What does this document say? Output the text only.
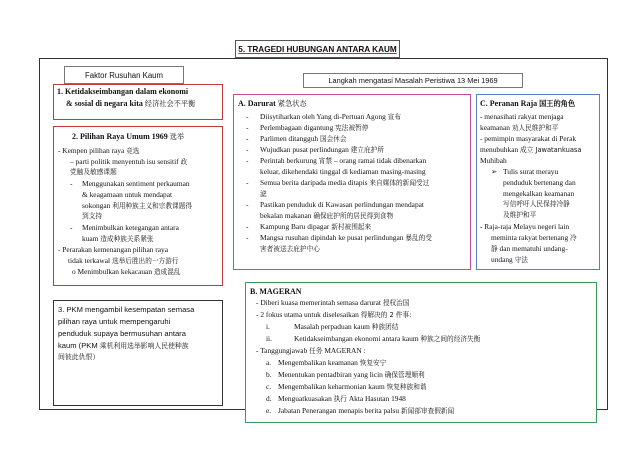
5. TRAGEDI HUBUNGAN ANTARA KAUM
Faktor Rusuhan Kaum
Langkah mengatasi Masalah Peristiwa 13 Mei 1969
1. Ketidakseimbangan dalam ekonomi
& sosial di negara kita 经济社会不平衡
2. Pilihan Raya Umum 1969 选举
- Kempen pilihan raya 竞选
– parti politik menyentuh isu sensitif 政
党触及敏感课题
- Menggunakan sentiment perkauman
& keagamaan untuk mendapat
sokongan 利用种族主义和宗教课题得
到支持
- Menimbulkan ketegangan antara
kuam 造成种族关系紧张
- Perarakan kemenangan pilihan raya
tidak terkawal 选举后胜出的一方游行
o Menimbulkan kekacauan 造成混乱
3. PKM mengambil kesempatan semasa
pilihan raya untuk mempengaruhi
penduduk supaya bermusuhan antara
kaum (PKM 乘机利用选举影响人民使种族
间彼此仇恨）
A. Darurat 紧急状态
- Diisytiharkan oleh Yang di-Pertuan Agong 宣布
- Perlembagaan digantung 宪法被暂停
- Parlimen ditangguh 国会休会
- Wujudkan pusat perlindungan 建立庇护所
- Perintah berkurung 宵禁 – orang ramai tidak dibenarkan
keluar, dikehendaki tinggal di kediaman masing-masing
- Semua berita daripada media ditapis 来自媒体的新闻受过
滤
- Pastikan penduduk di Kawasan perlindungan mendapat
bekalan makanan 确保庇护所的居民得到食物
- Kampung Baru dipagar 新村被围起来
- Mangsa rusuhan dipindah ke pusat perlindungan 暴乱的受
害者被送去庇护中心
C. Peranan Raja 国王的角色
- menasihati rakyat menjaga
keamanan 劝人民维护和平
- pemimpin masyarakat di Perak
menubuhkan 成立 Jawatankuasa
Muhibah
➢ Tulis surat merayu
penduduk bertenang dan
mengekalkan keamanan
写信呼吁人民保持冷静
及维护和平
- Raja-raja Melayu negeri lain
meminta rakyat bertenang 冷
静 dan mematuhi undang-
undang 守法
B. MAGERAN
- Diberi kuasa memerintah semasa darurat 授权治国
- 2 fokus utama untuk diselesaikan 得解决的 2 件事:
i.	Masalah perpaduan kaum 种族团结
ii.	Ketidakseimbangan ekonomi antara kaum 种族之间的经济失衡
- Tanggungjawab 任务 MAGERAN :
a. Mengembalikan keamanan 恢复安宁
b. Menentukan pentadbiran yang licin 确保管理顺利
c. Mengembalikan keharmonian kaum 恢复种族和谐
d. Menguatkuasakan 执行 Akta Hasutan 1948
e. Jabatan Penerangan menapis berita palsu 新闻部审查假新闻
